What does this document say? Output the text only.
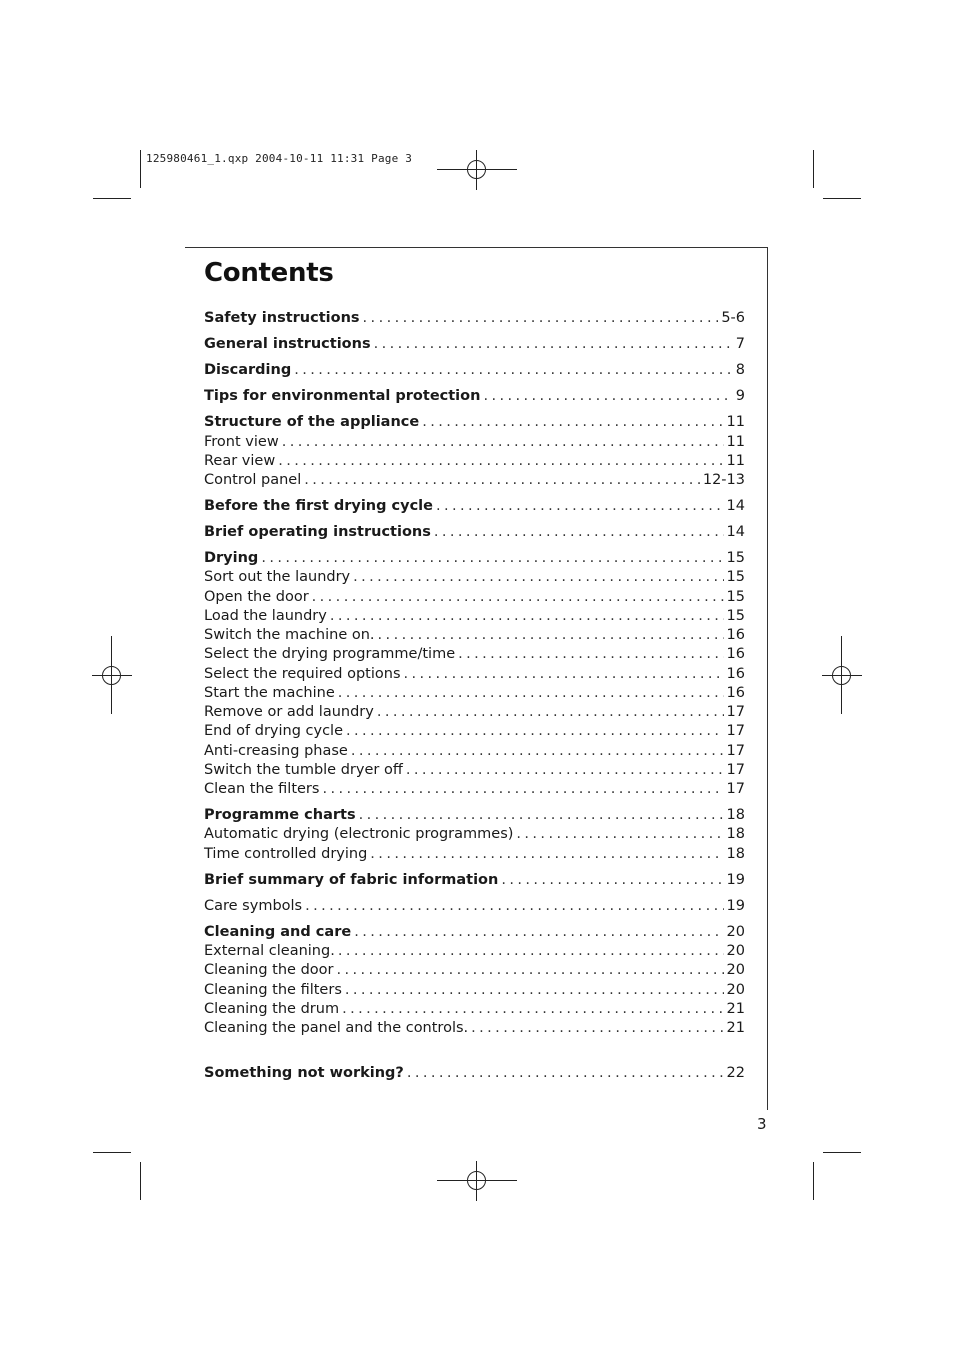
125980461_1.qxp 2004-10-11 11:31 Page 3
Contents
Safety instructions .....	5-6
General instructions .....	7
Discarding .....	8
Tips for environmental protection .....	9
Structure of the appliance .....	11
Front view .....	11
Rear view .....	11
Control panel .....	12-13
Before the first drying cycle .....	14
Brief operating instructions .....	14
Drying .....	15
Sort out the laundry .....	15
Open the door .....	15
Load the laundry .....	15
Switch the machine on. .....	16
Select the drying programme/time .....	16
Select the required options .....	16
Start the machine .....	16
Remove or add laundry .....	17
End of drying cycle .....	17
Anti-creasing phase .....	17
Switch the tumble dryer off .....	17
Clean the filters .....	17
Programme charts .....	18
Automatic drying (electronic programmes) .....	18
Time controlled drying .....	18
Brief summary of fabric information .....	19
Care symbols .....	19
Cleaning and care .....	20
External cleaning. .....	20
Cleaning the door .....	20
Cleaning the filters .....	20
Cleaning the drum .....	21
Cleaning the panel and the controls. .....	21
Something not working? .....	22
3
